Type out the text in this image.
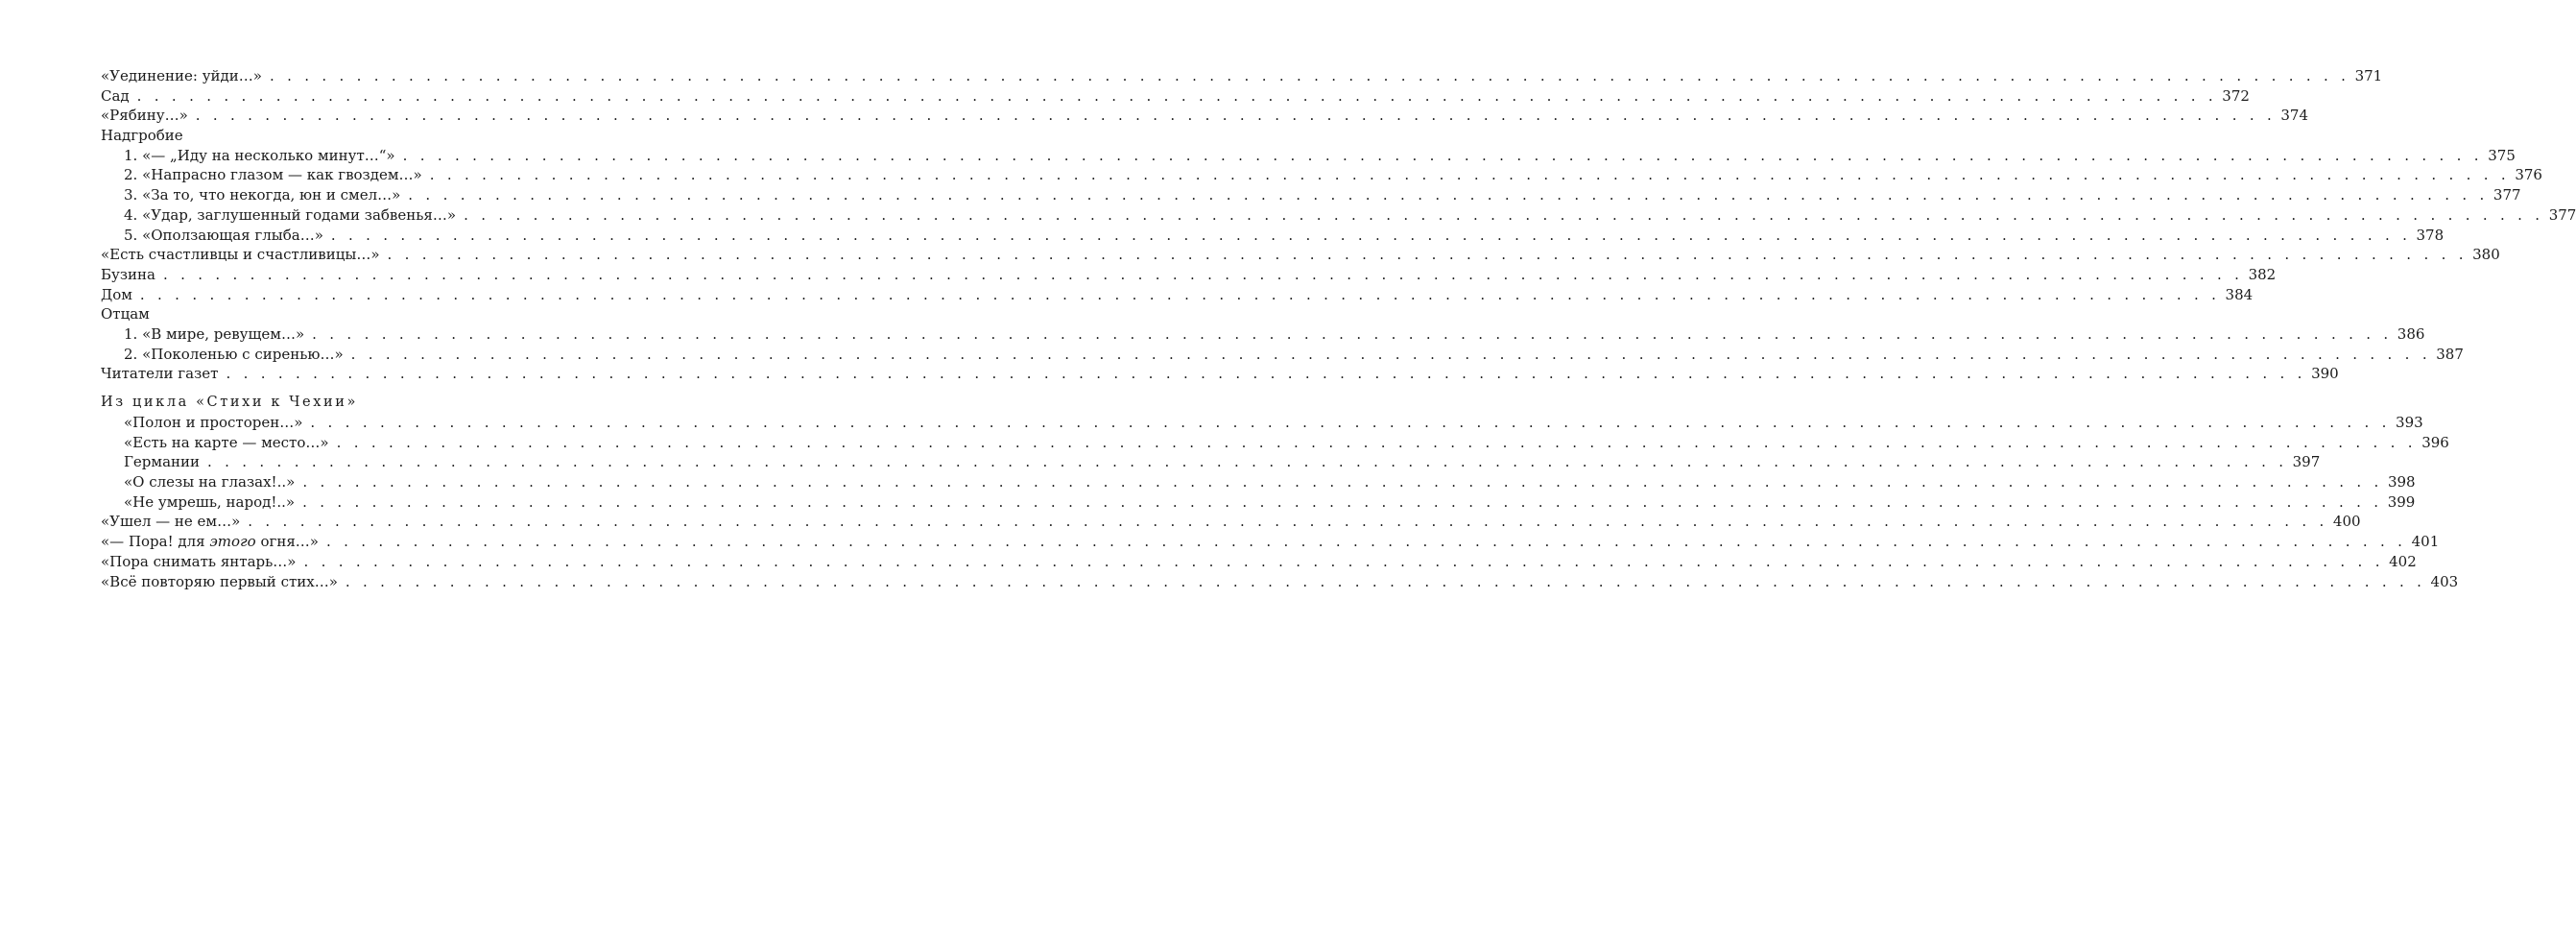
«Уединение: уйди…» . . . . . . . . . . . . . . . . . . . . . . . . . . . . . . . . . . . . . . . . . . . . . . . . . . . . . . . . . . . . . . . . . . . . . . . . . . . . . . . . . . . . . . . . . . . . . . . . . . . . . . . . . . . . . . . . . . . . . . . . 371
Сад . . . . . . . . . . . . . . . . . . . . . . . . . . . . . . . . . . . . . . . . . . . . . . . . . . . . . . . . . . . . . . . . . . . . . . . . . . . . . . . . . . . . . . . . . . . . . . . . . . . . . . . . . . . . . . . . . . . . . . . . 372
«Рябину…» . . . . . . . . . . . . . . . . . . . . . . . . . . . . . . . . . . . . . . . . . . . . . . . . . . . . . . . . . . . . . . . . . . . . . . . . . . . . . . . . . . . . . . . . . . . . . . . . . . . . . . . . . . . . . . . . . . . . . . . . 374
Надгробие
1. «— „Иду на несколько минут…“» . . . . . . . . . . . . . . . . . . . . . . . . . . . . . . . . . . . . . . . . . . . . . . . . . . . . . . . . . . . . . . . . . . . . . . . . . . . . . . . . . . . . . . . . . . . . . . . . . . . . . . . . . . . . . . . . . . . . . . . . 375
2. «Напрасно глазом — как гвоздем…» . . . . . . . . . . . . . . . . . . . . . . . . . . . . . . . . . . . . . . . . . . . . . . . . . . . . . . . . . . . . . . . . . . . . . . . . . . . . . . . . . . . . . . . . . . . . . . . . . . . . . . . . . . . . . . . . . . . . . . . . 376
3. «За то, что некогда, юн и смел…» . . . . . . . . . . . . . . . . . . . . . . . . . . . . . . . . . . . . . . . . . . . . . . . . . . . . . . . . . . . . . . . . . . . . . . . . . . . . . . . . . . . . . . . . . . . . . . . . . . . . . . . . . . . . . . . . . . . . . . . . 377
4. «Удар, заглушенный годами забвенья…» . . . . . . . . . . . . . . . . . . . . . . . . . . . . . . . . . . . . . . . . . . . . . . . . . . . . . . . . . . . . . . . . . . . . . . . . . . . . . . . . . . . . . . . . . . . . . . . . . . . . . . . . . . . . . . . . . . . . . . . . 377
5. «Оползающая глыба…» . . . . . . . . . . . . . . . . . . . . . . . . . . . . . . . . . . . . . . . . . . . . . . . . . . . . . . . . . . . . . . . . . . . . . . . . . . . . . . . . . . . . . . . . . . . . . . . . . . . . . . . . . . . . . . . . . . . . . . . . 378
«Есть счастливцы и счастливицы…» . . . . . . . . . . . . . . . . . . . . . . . . . . . . . . . . . . . . . . . . . . . . . . . . . . . . . . . . . . . . . . . . . . . . . . . . . . . . . . . . . . . . . . . . . . . . . . . . . . . . . . . . . . . . . . . . . . . . . . . . 380
Бузина . . . . . . . . . . . . . . . . . . . . . . . . . . . . . . . . . . . . . . . . . . . . . . . . . . . . . . . . . . . . . . . . . . . . . . . . . . . . . . . . . . . . . . . . . . . . . . . . . . . . . . . . . . . . . . . . . . . . . . . . 382
Дом . . . . . . . . . . . . . . . . . . . . . . . . . . . . . . . . . . . . . . . . . . . . . . . . . . . . . . . . . . . . . . . . . . . . . . . . . . . . . . . . . . . . . . . . . . . . . . . . . . . . . . . . . . . . . . . . . . . . . . . . 384
Отцам
1. «В мире, ревущем…» . . . . . . . . . . . . . . . . . . . . . . . . . . . . . . . . . . . . . . . . . . . . . . . . . . . . . . . . . . . . . . . . . . . . . . . . . . . . . . . . . . . . . . . . . . . . . . . . . . . . . . . . . . . . . . . . . . . . . . . . 386
2. «Поколенью с сиренью…» . . . . . . . . . . . . . . . . . . . . . . . . . . . . . . . . . . . . . . . . . . . . . . . . . . . . . . . . . . . . . . . . . . . . . . . . . . . . . . . . . . . . . . . . . . . . . . . . . . . . . . . . . . . . . . . . . . . . . . . . 387
Читатели газет . . . . . . . . . . . . . . . . . . . . . . . . . . . . . . . . . . . . . . . . . . . . . . . . . . . . . . . . . . . . . . . . . . . . . . . . . . . . . . . . . . . . . . . . . . . . . . . . . . . . . . . . . . . . . . . . . . . . . . . . 390
Из цикла «Стихи к Чехии»
«Полон и просторен…» . . . . . . . . . . . . . . . . . . . . . . . . . . . . . . . . . . . . . . . . . . . . . . . . . . . . . . . . . . . . . . . . . . . . . . . . . . . . . . . . . . . . . . . . . . . . . . . . . . . . . . . . . . . . . . . . . . . . . . . . 393
«Есть на карте — место…» . . . . . . . . . . . . . . . . . . . . . . . . . . . . . . . . . . . . . . . . . . . . . . . . . . . . . . . . . . . . . . . . . . . . . . . . . . . . . . . . . . . . . . . . . . . . . . . . . . . . . . . . . . . . . . . . . . . . . . . . 396
Германии . . . . . . . . . . . . . . . . . . . . . . . . . . . . . . . . . . . . . . . . . . . . . . . . . . . . . . . . . . . . . . . . . . . . . . . . . . . . . . . . . . . . . . . . . . . . . . . . . . . . . . . . . . . . . . . . . . . . . . . . 397
«О слезы на глазах!..» . . . . . . . . . . . . . . . . . . . . . . . . . . . . . . . . . . . . . . . . . . . . . . . . . . . . . . . . . . . . . . . . . . . . . . . . . . . . . . . . . . . . . . . . . . . . . . . . . . . . . . . . . . . . . . . . . . . . . . . . 398
«Не умрешь, народ!..» . . . . . . . . . . . . . . . . . . . . . . . . . . . . . . . . . . . . . . . . . . . . . . . . . . . . . . . . . . . . . . . . . . . . . . . . . . . . . . . . . . . . . . . . . . . . . . . . . . . . . . . . . . . . . . . . . . . . . . . . 399
«Ушел — не ем…» . . . . . . . . . . . . . . . . . . . . . . . . . . . . . . . . . . . . . . . . . . . . . . . . . . . . . . . . . . . . . . . . . . . . . . . . . . . . . . . . . . . . . . . . . . . . . . . . . . . . . . . . . . . . . . . . . . . . . . . . 400
«— Пора! для этого огня…» . . . . . . . . . . . . . . . . . . . . . . . . . . . . . . . . . . . . . . . . . . . . . . . . . . . . . . . . . . . . . . . . . . . . . . . . . . . . . . . . . . . . . . . . . . . . . . . . . . . . . . . . . . . . . . . . . . . . . . . . 401
«Пора снимать янтарь…» . . . . . . . . . . . . . . . . . . . . . . . . . . . . . . . . . . . . . . . . . . . . . . . . . . . . . . . . . . . . . . . . . . . . . . . . . . . . . . . . . . . . . . . . . . . . . . . . . . . . . . . . . . . . . . . . . . . . . . . . 402
«Всё повторяю первый стих…» . . . . . . . . . . . . . . . . . . . . . . . . . . . . . . . . . . . . . . . . . . . . . . . . . . . . . . . . . . . . . . . . . . . . . . . . . . . . . . . . . . . . . . . . . . . . . . . . . . . . . . . . . . . . . . . . . . . . . . . . 403
